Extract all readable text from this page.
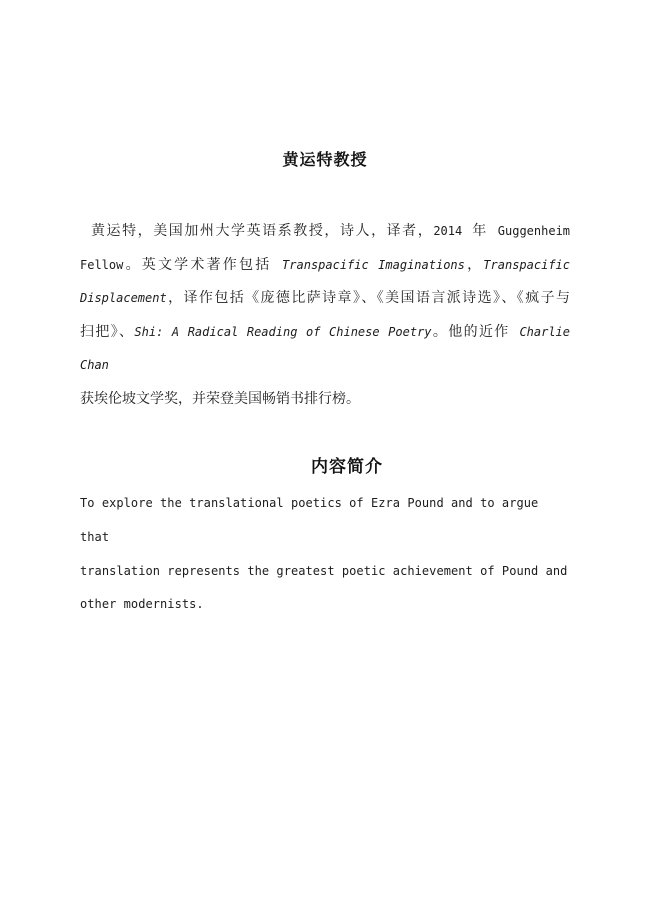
黄运特教授
黄运特，美国加州大学英语系教授，诗人，译者，2014 年 Guggenheim
Fellow。英文学术著作包括 Transpacific Imaginations，Transpacific
Displacement，译作包括《庞德比萨诗章》、《美国语言派诗选》、《疯子与
扫把》、Shi: A Radical Reading of Chinese Poetry。他的近作 Charlie Chan
获埃伦坡文学奖，并荣登美国畅销书排行榜。
内容简介
To explore the translational poetics of Ezra Pound and to argue that
translation represents the greatest poetic achievement of Pound and
other modernists.
